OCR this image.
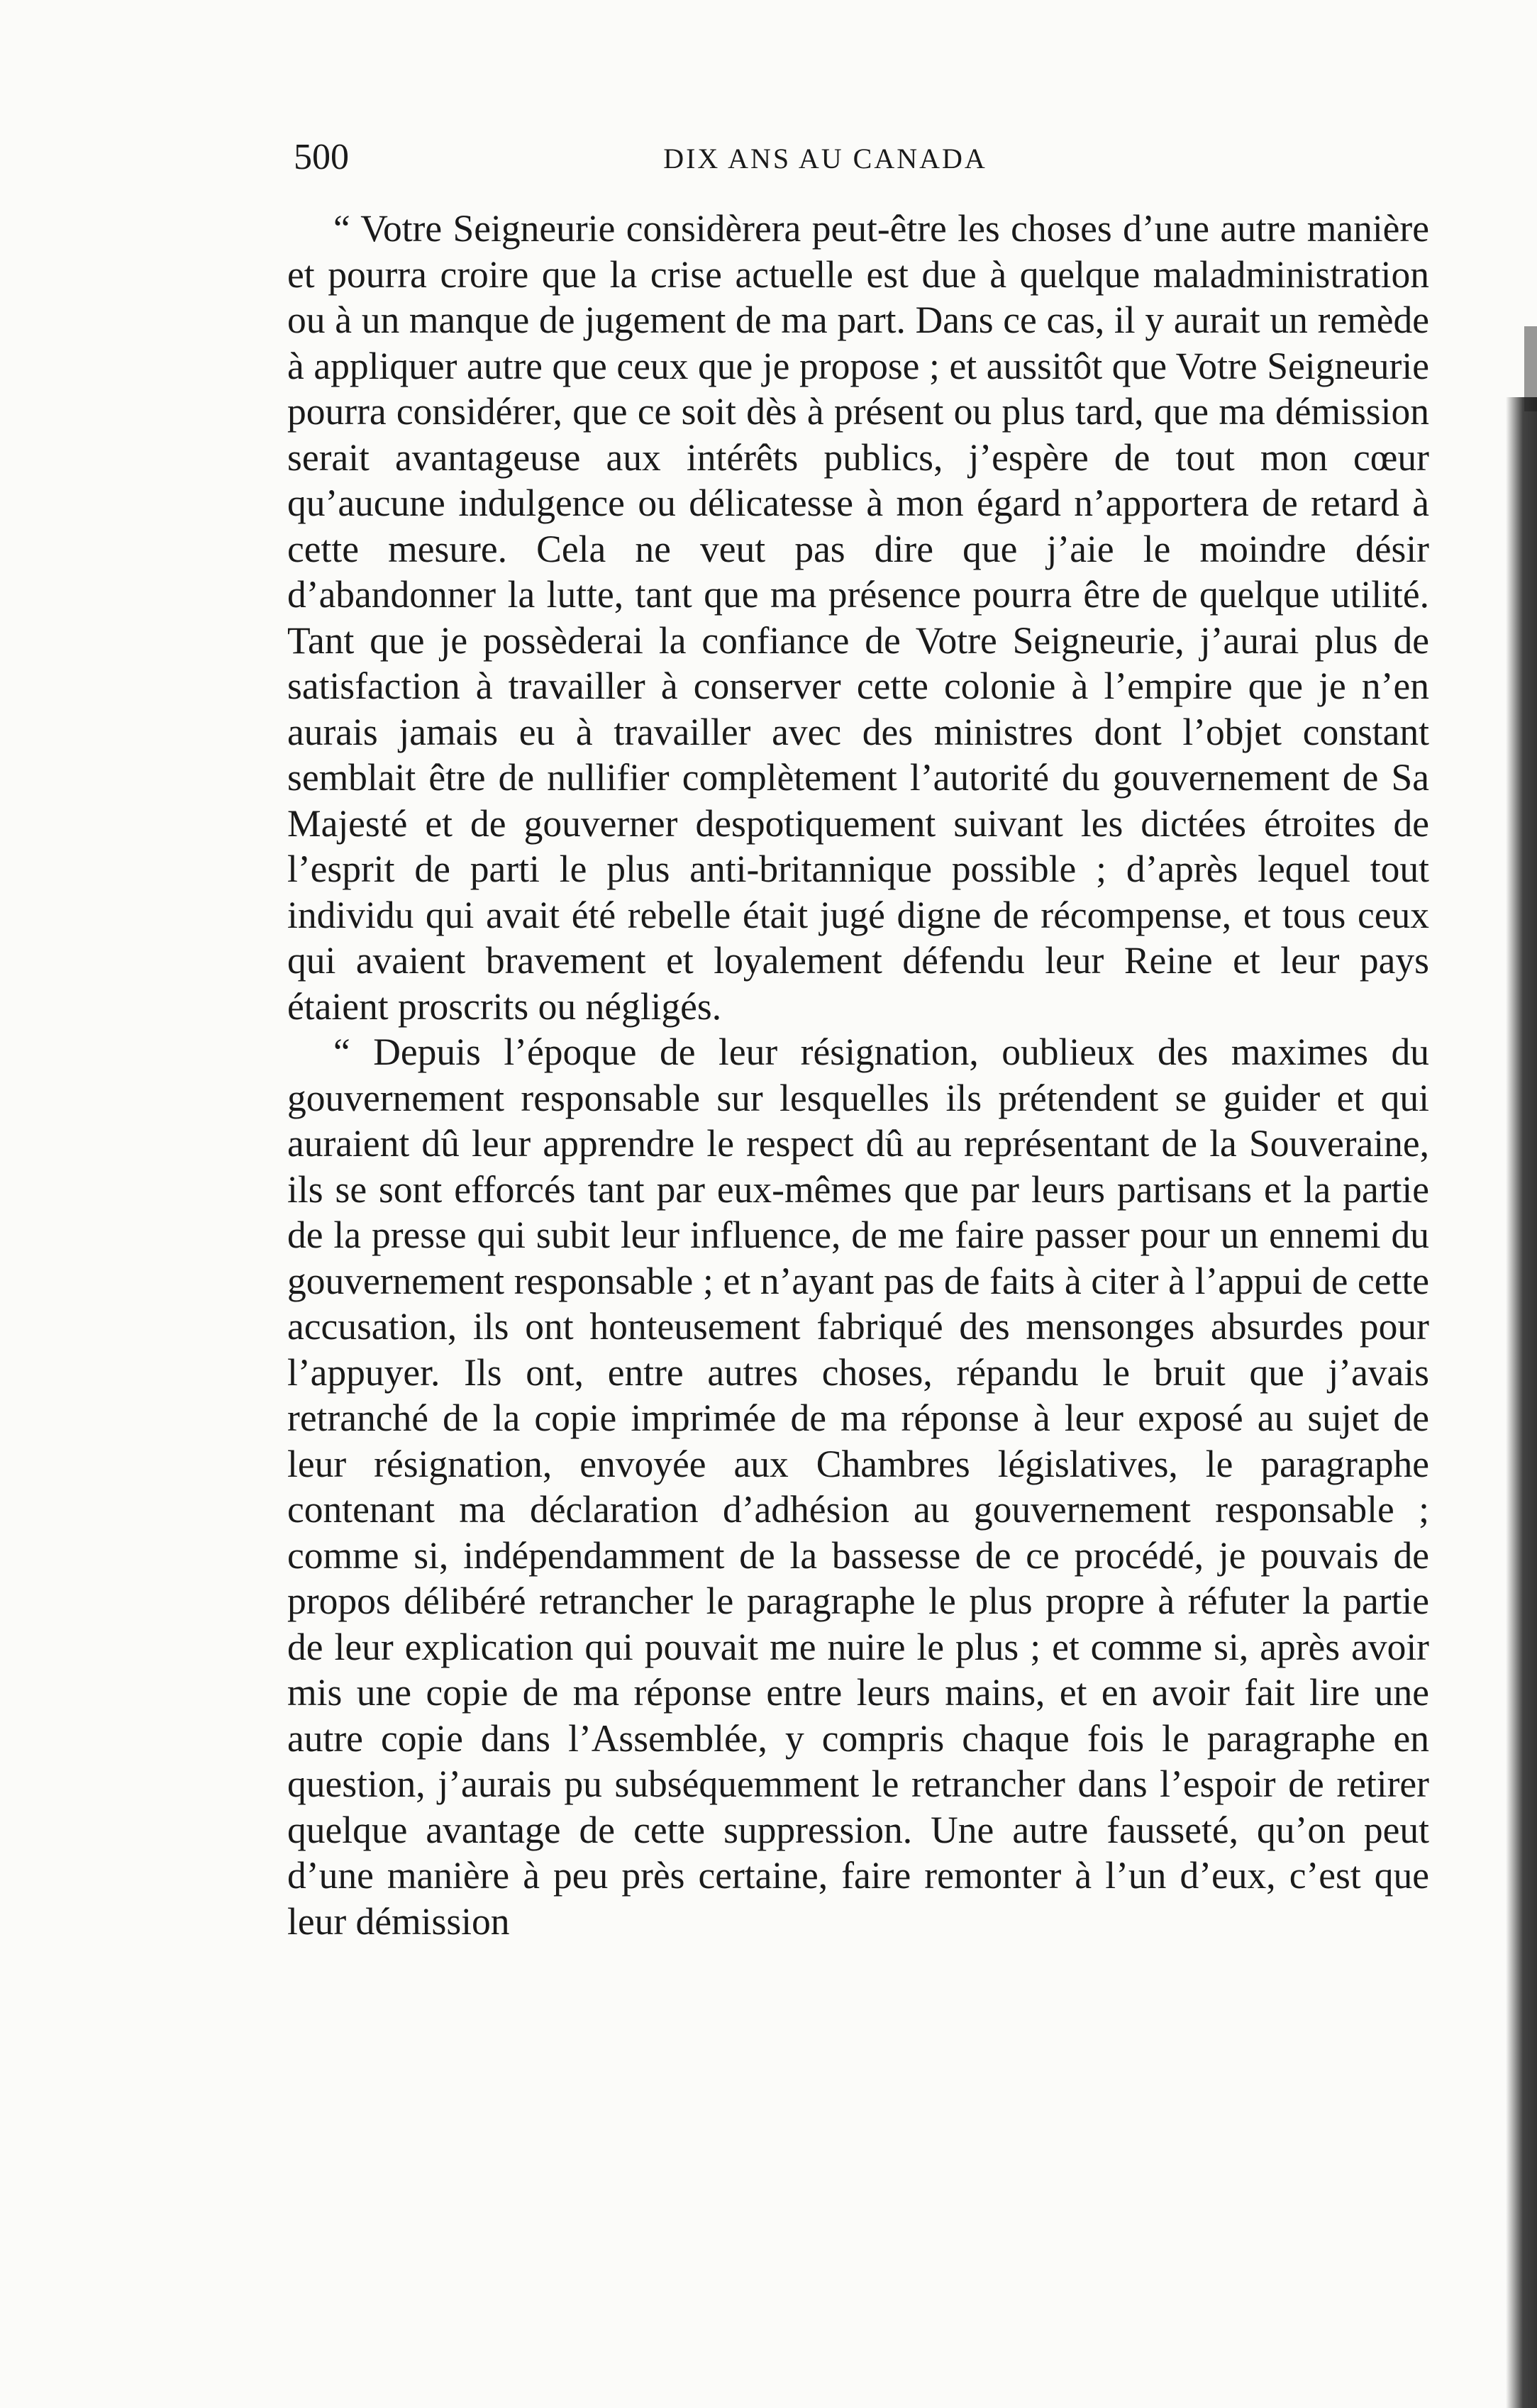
500	DIX ANS AU CANADA

“ Votre Seigneurie considèrera peut-être les choses d’une autre manière et pourra croire que la crise actuelle est due à quelque maladministration ou à un manque de jugement de ma part. Dans ce cas, il y aurait un remède à appliquer autre que ceux que je propose ; et aussitôt que Votre Seigneurie pourra considérer, que ce soit dès à présent ou plus tard, que ma démission serait avantageuse aux intérêts publics, j’espère de tout mon cœur qu’aucune indulgence ou délicatesse à mon égard n’apportera de retard à cette mesure. Cela ne veut pas dire que j’aie le moindre désir d’abandonner la lutte, tant que ma présence pourra être de quelque utilité. Tant que je possèderai la confiance de Votre Seigneurie, j’aurai plus de satisfaction à travailler à conserver cette colonie à l’empire que je n’en aurais jamais eu à travailler avec des ministres dont l’objet constant semblait être de nullifier complètement l’autorité du gouvernement de Sa Majesté et de gouverner despotiquement suivant les dictées étroites de l’esprit de parti le plus anti-britannique possible ; d’après lequel tout individu qui avait été rebelle était jugé digne de récompense, et tous ceux qui avaient bravement et loyalement défendu leur Reine et leur pays étaient proscrits ou négligés.

“ Depuis l’époque de leur résignation, oublieux des maximes du gouvernement responsable sur lesquelles ils prétendent se guider et qui auraient dû leur apprendre le respect dû au représentant de la Souveraine, ils se sont efforcés tant par eux-mêmes que par leurs partisans et la partie de la presse qui subit leur influence, de me faire passer pour un ennemi du gouvernement responsable ; et n’ayant pas de faits à citer à l’appui de cette accusation, ils ont honteusement fabriqué des mensonges absurdes pour l’appuyer. Ils ont, entre autres choses, répandu le bruit que j’avais retranché de la copie imprimée de ma réponse à leur exposé au sujet de leur résignation, envoyée aux Chambres législatives, le paragraphe contenant ma déclaration d’adhésion au gouvernement responsable ; comme si, indépendamment de la bassesse de ce procédé, je pouvais de propos délibéré retrancher le paragraphe le plus propre à réfuter la partie de leur explication qui pouvait me nuire le plus ; et comme si, après avoir mis une copie de ma réponse entre leurs mains, et en avoir fait lire une autre copie dans l’Assemblée, y compris chaque fois le paragraphe en question, j’aurais pu subséquemment le retrancher dans l’espoir de retirer quelque avantage de cette suppression. Une autre fausseté, qu’on peut d’une manière à peu près certaine, faire remonter à l’un d’eux, c’est que leur démission
